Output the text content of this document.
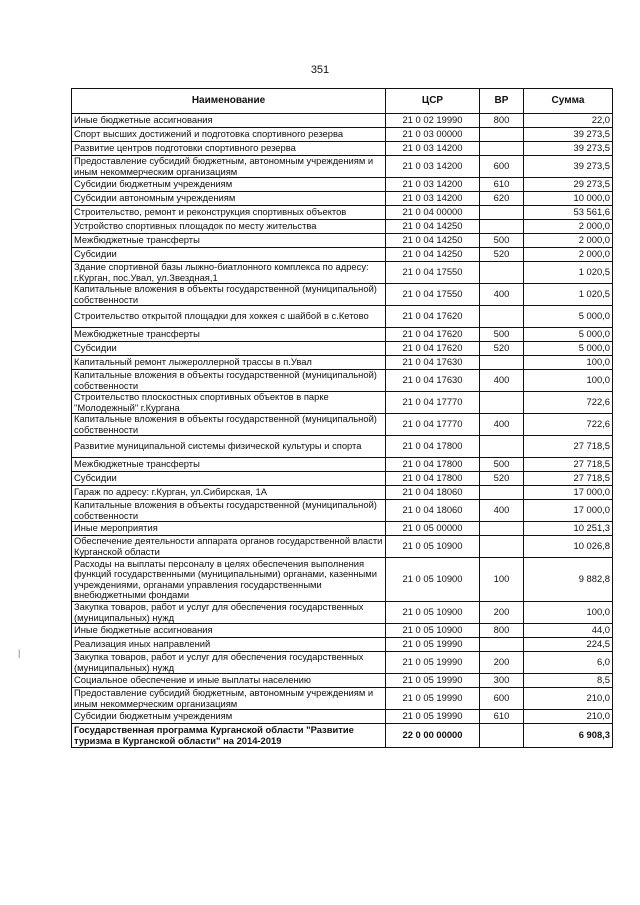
351
|
Наименование	ЦСР	ВР	Сумма
Иные бюджетные ассигнования	21 0 02 19990	800	22,0
Спорт высших достижений и подготовка спортивного резерва	21 0 03 00000		39 273,5
Развитие центров подготовки спортивного резерва	21 0 03 14200		39 273,5
Предоставление субсидий бюджетным, автономным учреждениям и иным некоммерческим организациям	21 0 03 14200	600	39 273,5
Субсидии бюджетным учреждениям	21 0 03 14200	610	29 273,5
Субсидии автономным учреждениям	21 0 03 14200	620	10 000,0
Строительство, ремонт и реконструкция спортивных объектов	21 0 04 00000		53 561,6
Устройство спортивных площадок по месту жительства	21 0 04 14250		2 000,0
Межбюджетные трансферты	21 0 04 14250	500	2 000,0
Субсидии	21 0 04 14250	520	2 000,0
Здание спортивной базы лыжно-биатлонного комплекса по адресу: г.Курган, пос.Увал, ул.Звездная,1	21 0 04 17550		1 020,5
Капитальные вложения в объекты государственной (муниципальной) собственности	21 0 04 17550	400	1 020,5
Строительство открытой площадки для хоккея с шайбой в с.Кетово	21 0 04 17620		5 000,0
Межбюджетные трансферты	21 0 04 17620	500	5 000,0
Субсидии	21 0 04 17620	520	5 000,0
Капитальный ремонт лыжероллерной трассы в п.Увал	21 0 04 17630		100,0
Капитальные вложения в объекты государственной (муниципальной) собственности	21 0 04 17630	400	100,0
Строительство плоскостных спортивных объектов в парке "Молодежный" г.Кургана	21 0 04 17770		722,6
Капитальные вложения в объекты государственной (муниципальной) собственности	21 0 04 17770	400	722,6
Развитие муниципальной системы физической культуры и спорта	21 0 04 17800		27 718,5
Межбюджетные трансферты	21 0 04 17800	500	27 718,5
Субсидии	21 0 04 17800	520	27 718,5
Гараж по адресу: г.Курган, ул.Сибирская, 1А	21 0 04 18060		17 000,0
Капитальные вложения в объекты государственной (муниципальной) собственности	21 0 04 18060	400	17 000,0
Иные мероприятия	21 0 05 00000		10 251,3
Обеспечение деятельности аппарата органов государственной власти Курганской области	21 0 05 10900		10 026,8
Расходы на выплаты персоналу в целях обеспечения выполнения функций государственными (муниципальными) органами, казенными учреждениями, органами управления государственными внебюджетными фондами	21 0 05 10900	100	9 882,8
Закупка товаров, работ и услуг для обеспечения государственных (муниципальных) нужд	21 0 05 10900	200	100,0
Иные бюджетные ассигнования	21 0 05 10900	800	44,0
Реализация иных направлений	21 0 05 19990		224,5
Закупка товаров, работ и услуг для обеспечения государственных (муниципальных) нужд	21 0 05 19990	200	6,0
Социальное обеспечение и иные выплаты населению	21 0 05 19990	300	8,5
Предоставление субсидий бюджетным, автономным учреждениям и иным некоммерческим организациям	21 0 05 19990	600	210,0
Субсидии бюджетным учреждениям	21 0 05 19990	610	210,0
Государственная программа Курганской области "Развитие туризма в Курганской области" на 2014-2019	22 0 00 00000		6 908,3
